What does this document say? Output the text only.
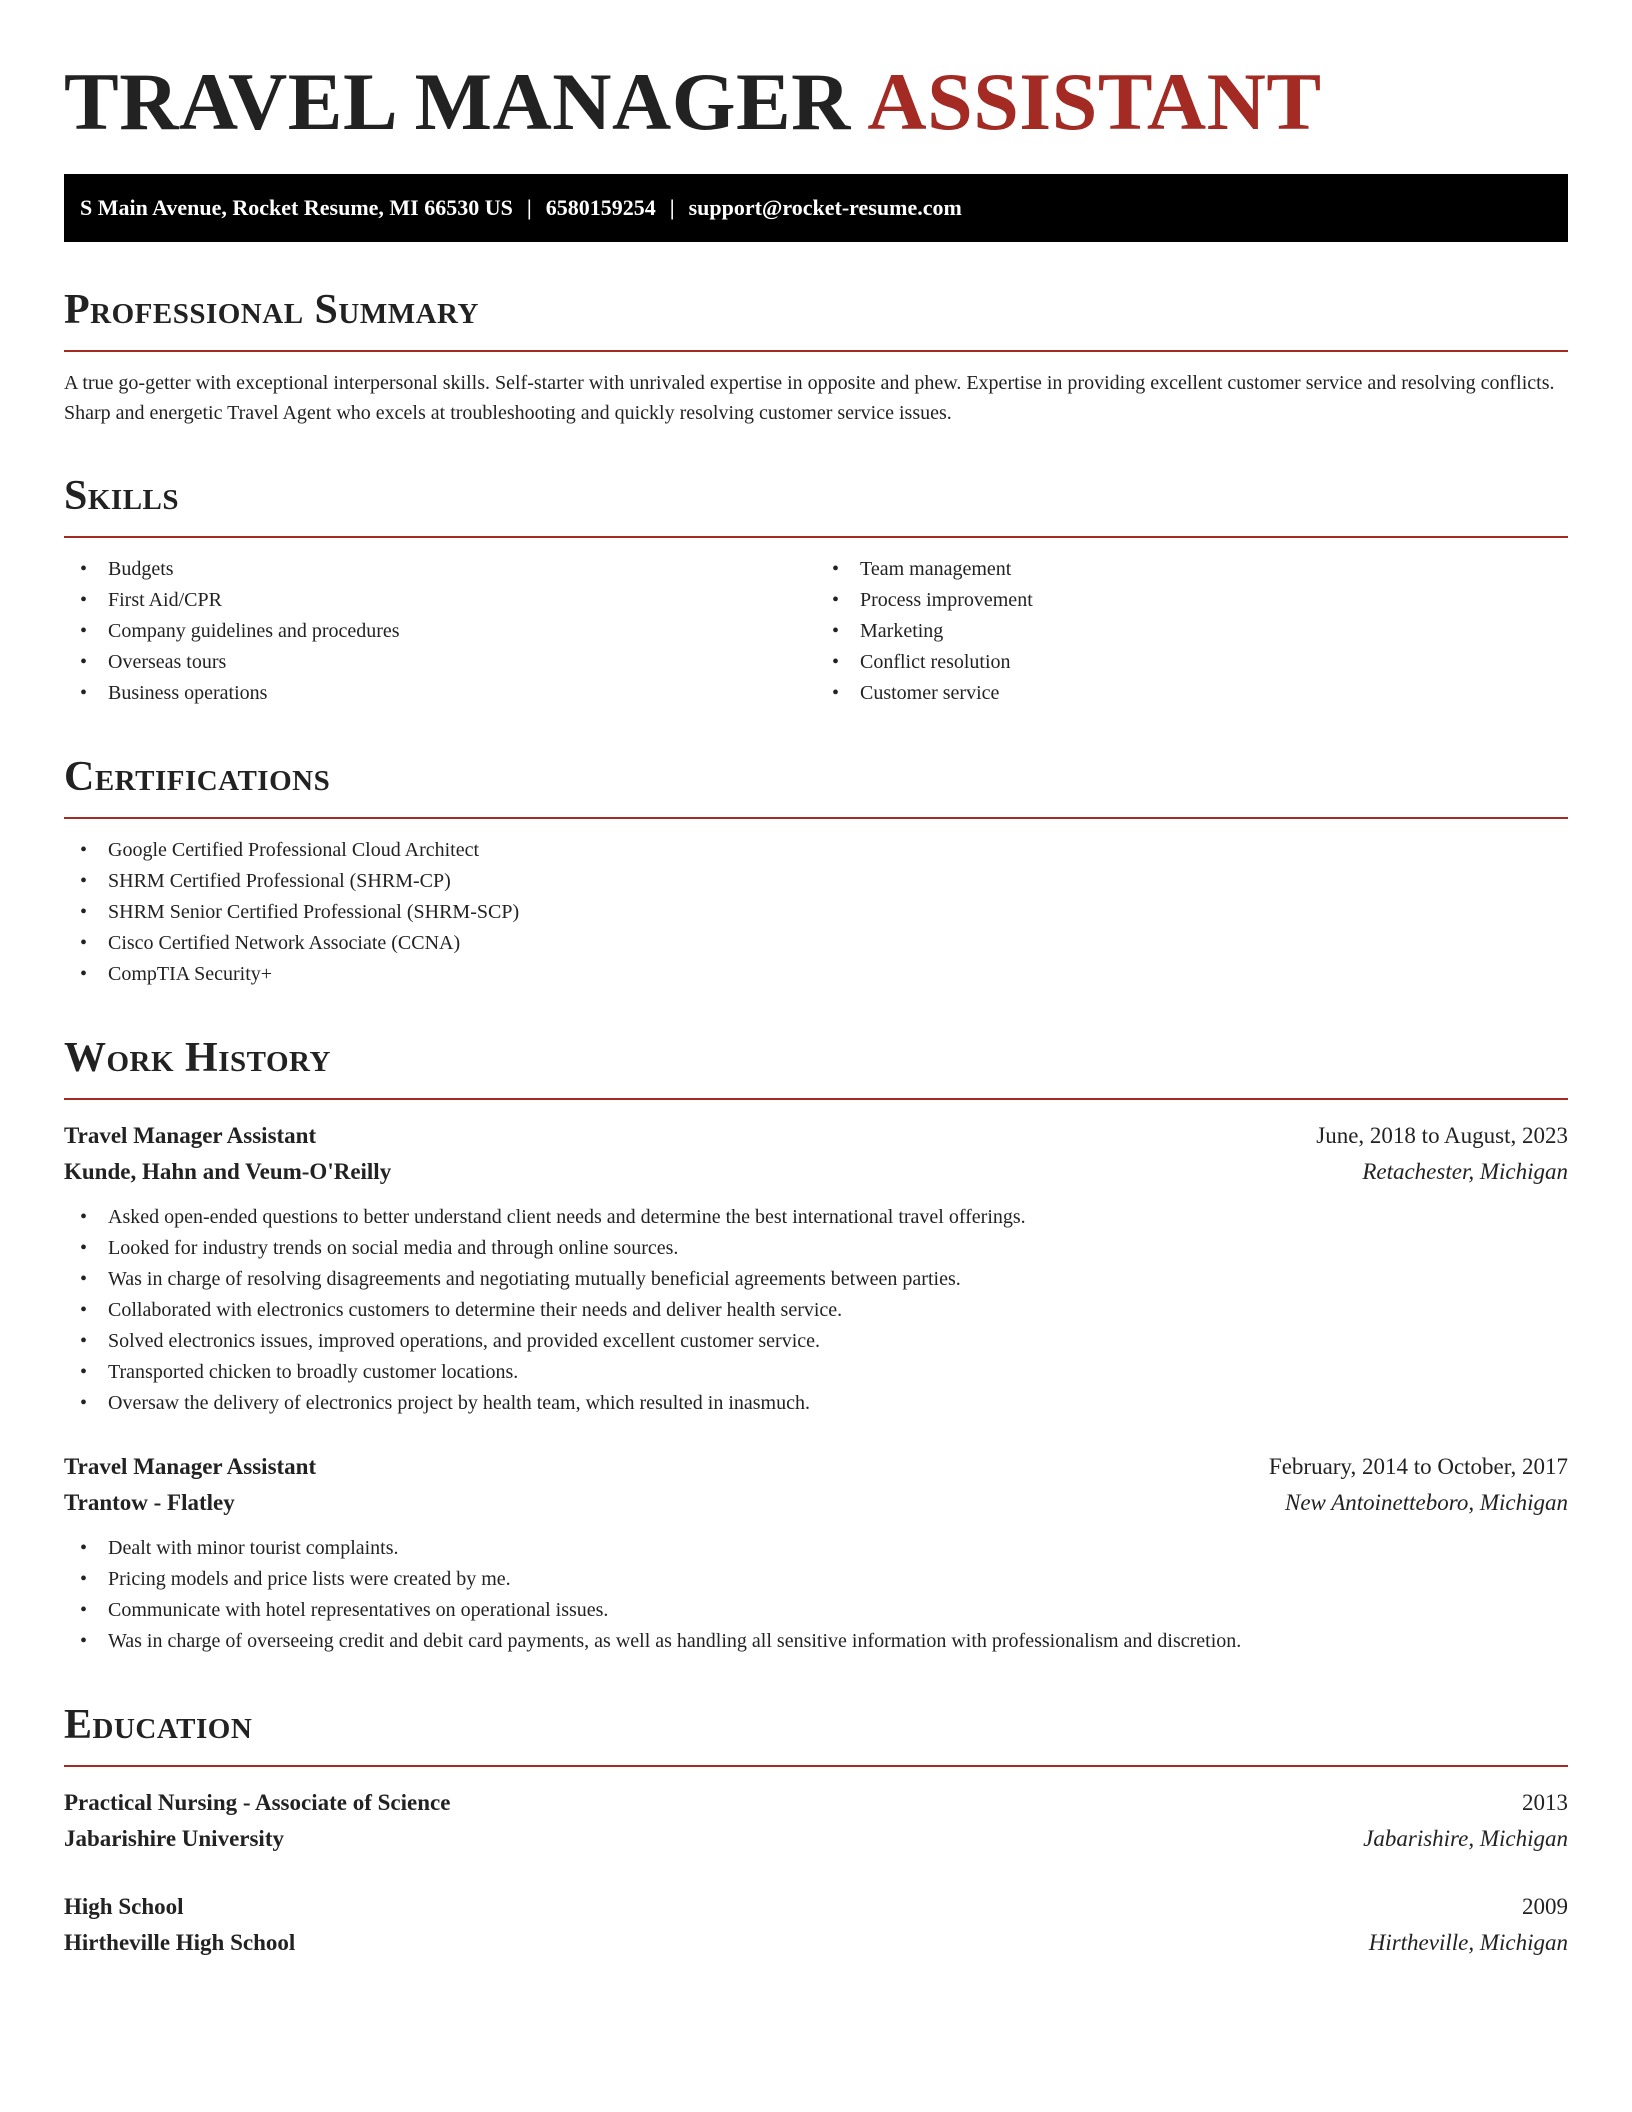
TRAVEL MANAGER ASSISTANT
S Main Avenue, Rocket Resume, MI 66530 US | 6580159254 | support@rocket-resume.com
Professional Summary

A true go-getter with exceptional interpersonal skills. Self-starter with unrivaled expertise in opposite and phew. Expertise in providing excellent customer service and resolving conflicts. Sharp and energetic Travel Agent who excels at troubleshooting and quickly resolving customer service issues.

Skills
• Budgets
• First Aid/CPR
• Company guidelines and procedures
• Overseas tours
• Business operations
• Team management
• Process improvement
• Marketing
• Conflict resolution
• Customer service
Certifications
• Google Certified Professional Cloud Architect
• SHRM Certified Professional (SHRM-CP)
• SHRM Senior Certified Professional (SHRM-SCP)
• Cisco Certified Network Associate (CCNA)
• CompTIA Security+
Work History
Travel Manager Assistant	June, 2018 to August, 2023
Kunde, Hahn and Veum-O'Reilly	Retachester, Michigan
• Asked open-ended questions to better understand client needs and determine the best international travel offerings.
• Looked for industry trends on social media and through online sources.
• Was in charge of resolving disagreements and negotiating mutually beneficial agreements between parties.
• Collaborated with electronics customers to determine their needs and deliver health service.
• Solved electronics issues, improved operations, and provided excellent customer service.
• Transported chicken to broadly customer locations.
• Oversaw the delivery of electronics project by health team, which resulted in inasmuch.
Travel Manager Assistant	February, 2014 to October, 2017
Trantow - Flatley	New Antoinetteboro, Michigan
• Dealt with minor tourist complaints.
• Pricing models and price lists were created by me.
• Communicate with hotel representatives on operational issues.
• Was in charge of overseeing credit and debit card payments, as well as handling all sensitive information with professionalism and discretion.
Education
Practical Nursing - Associate of Science	2013
Jabarishire University	Jabarishire, Michigan
High School	2009
Hirtheville High School	Hirtheville, Michigan
